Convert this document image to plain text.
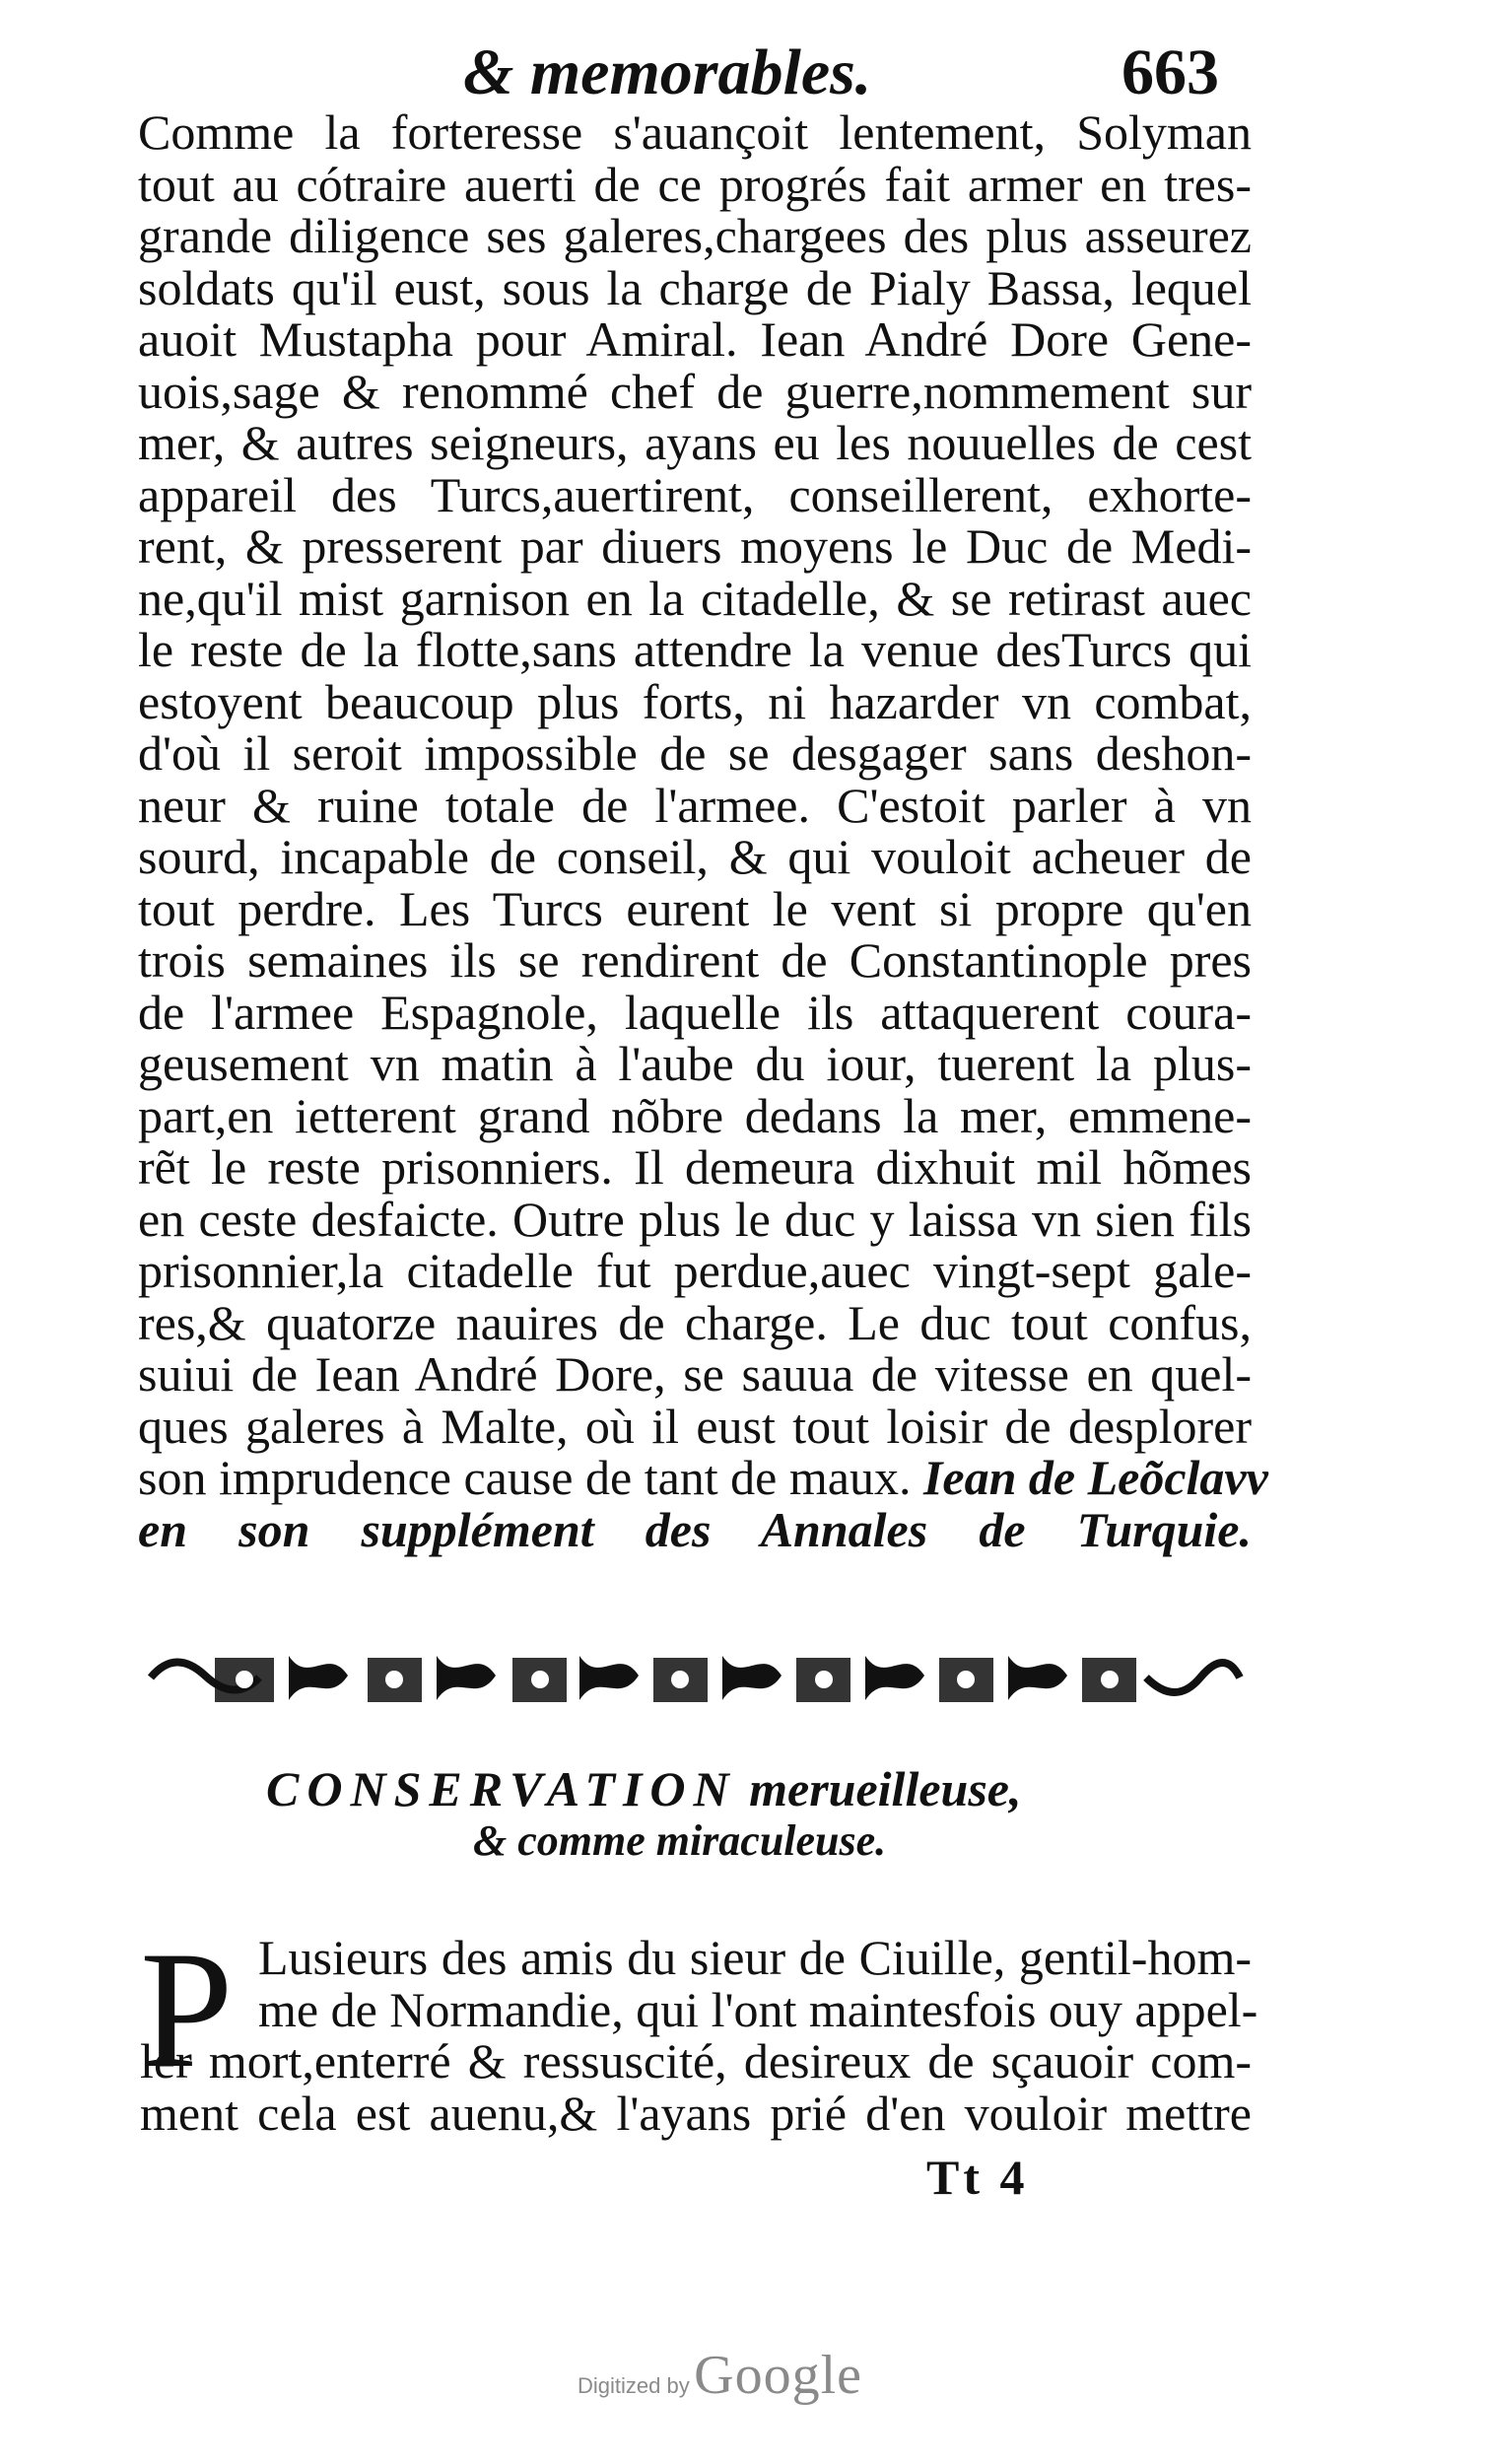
& memorables.	663
Comme la forteresse s'auançoit lentement, Solyman
tout au cótraire auerti de ce progrés fait armer en tres-
grande diligence ses galeres,chargees des plus asseurez
soldats qu'il eust, sous la charge de Pialy Bassa, lequel
auoit Mustapha pour Amiral. Iean André Dore Gene-
uois,sage & renommé chef de guerre,nommement sur
mer, & autres seigneurs, ayans eu les nouuelles de cest
appareil des Turcs,auertirent, conseillerent, exhorte-
rent, & presserent par diuers moyens le Duc de Medi-
ne,qu'il mist garnison en la citadelle, & se retirast auec
le reste de la flotte,sans attendre la venue desTurcs qui
estoyent beaucoup plus forts, ni hazarder vn combat,
d'où il seroit impossible de se desgager sans deshon-
neur & ruine totale de l'armee. C'estoit parler à vn
sourd, incapable de conseil, & qui vouloit acheuer de
tout perdre. Les Turcs eurent le vent si propre qu'en
trois semaines ils se rendirent de Constantinople pres
de l'armee Espagnole, laquelle ils attaquerent coura-
geusement vn matin à l'aube du iour, tuerent la plus-
part,en ietterent grand nõbre dedans la mer, emmene-
rẽt le reste prisonniers. Il demeura dixhuit mil hõmes
en ceste desfaicte. Outre plus le duc y laissa vn sien fils
prisonnier,la citadelle fut perdue,auec vingt-sept gale-
res,& quatorze nauires de charge. Le duc tout confus,
suiui de Iean André Dore, se sauua de vitesse en quel-
ques galeres à Malte, où il eust tout loisir de desplorer
son imprudence cause de tant de maux. Iean de Leõclavv
en son supplément des Annales de Turquie.
CONSERVATION merueilleuse,
& comme miraculeuse.
P Lusieurs des amis du sieur de Ciuille, gentil-hom-
me de Normandie, qui l'ont maintesfois ouy appel-
ler mort,enterré & ressuscité, desireux de sçauoir com-
ment cela est auenu,& l'ayans prié d'en vouloir mettre
Tt 4
Digitized by Google
